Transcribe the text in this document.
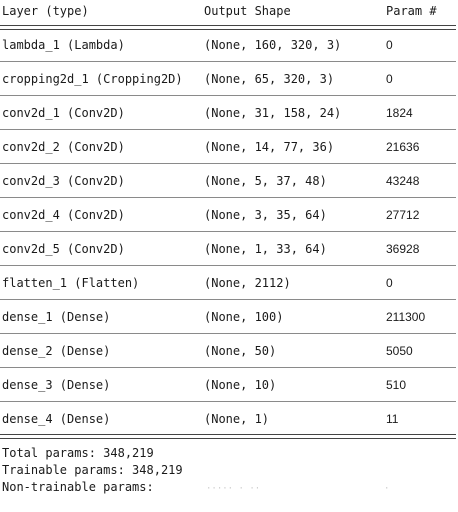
Layer (type)	Output Shape	Param #
lambda_1 (Lambda)	(None, 160, 320, 3)	0
cropping2d_1 (Cropping2D) (None, 65, 320, 3)	0
conv2d_1 (Conv2D)	(None, 31, 158, 24)	1824
conv2d_2 (Conv2D)	(None, 14, 77, 36)	21636
conv2d_3 (Conv2D)	(None, 5, 37, 48)	43248
conv2d_4 (Conv2D)	(None, 3, 35, 64)	27712
conv2d_5 (Conv2D)	(None, 1, 33, 64)	36928
flatten_1 (Flatten)	(None, 2112)	0
dense_1 (Dense)	(None, 100)	211300
dense_2 (Dense)	(None, 50)	5050
dense_3 (Dense)	(None, 10)	510
dense_4 (Dense)	(None, 1)	11
Total params: 348,219
Trainable params: 348,219
Non-trainable params:	····· · ··	·
